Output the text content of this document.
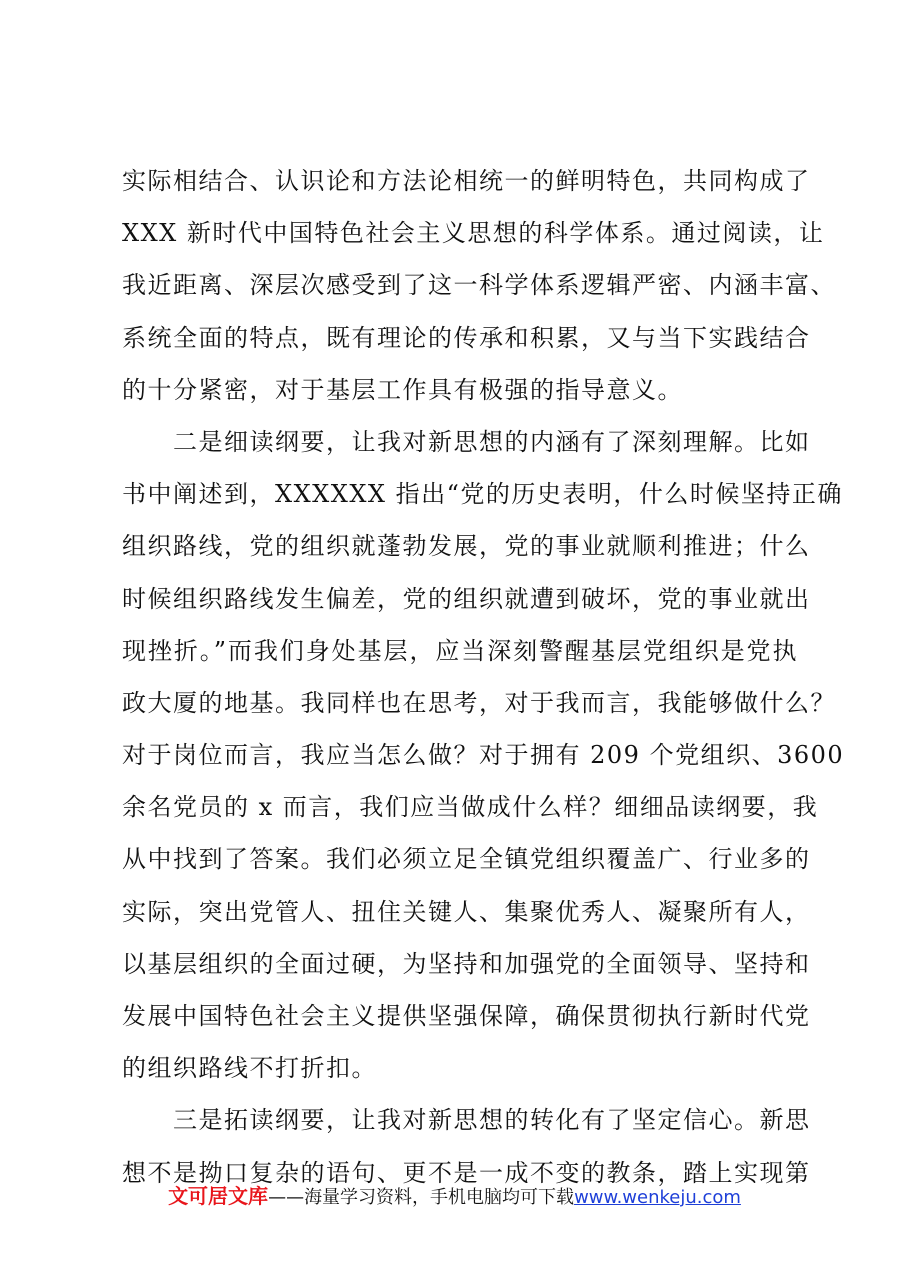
实际相结合、认识论和方法论相统一的鲜明特色，共同构成了
XXX 新时代中国特色社会主义思想的科学体系。通过阅读，让
我近距离、深层次感受到了这一科学体系逻辑严密、内涵丰富、
系统全面的特点，既有理论的传承和积累，又与当下实践结合
的十分紧密，对于基层工作具有极强的指导意义。
　　二是细读纲要，让我对新思想的内涵有了深刻理解。比如
书中阐述到，XXXXXX 指出“党的历史表明，什么时候坚持正确
组织路线，党的组织就蓬勃发展，党的事业就顺利推进；什么
时候组织路线发生偏差，党的组织就遭到破坏，党的事业就出
现挫折。”而我们身处基层，应当深刻警醒基层党组织是党执
政大厦的地基。我同样也在思考，对于我而言，我能够做什么？
对于岗位而言，我应当怎么做？对于拥有 209 个党组织、3600
余名党员的 x 而言，我们应当做成什么样？细细品读纲要，我
从中找到了答案。我们必须立足全镇党组织覆盖广、行业多的
实际，突出党管人、扭住关键人、集聚优秀人、凝聚所有人，
以基层组织的全面过硬，为坚持和加强党的全面领导、坚持和
发展中国特色社会主义提供坚强保障，确保贯彻执行新时代党
的组织路线不打折扣。
　　三是拓读纲要，让我对新思想的转化有了坚定信心。新思
想不是拗口复杂的语句、更不是一成不变的教条，踏上实现第
文可居文库——海量学习资料，手机电脑均可下载www.wenkeju.com
